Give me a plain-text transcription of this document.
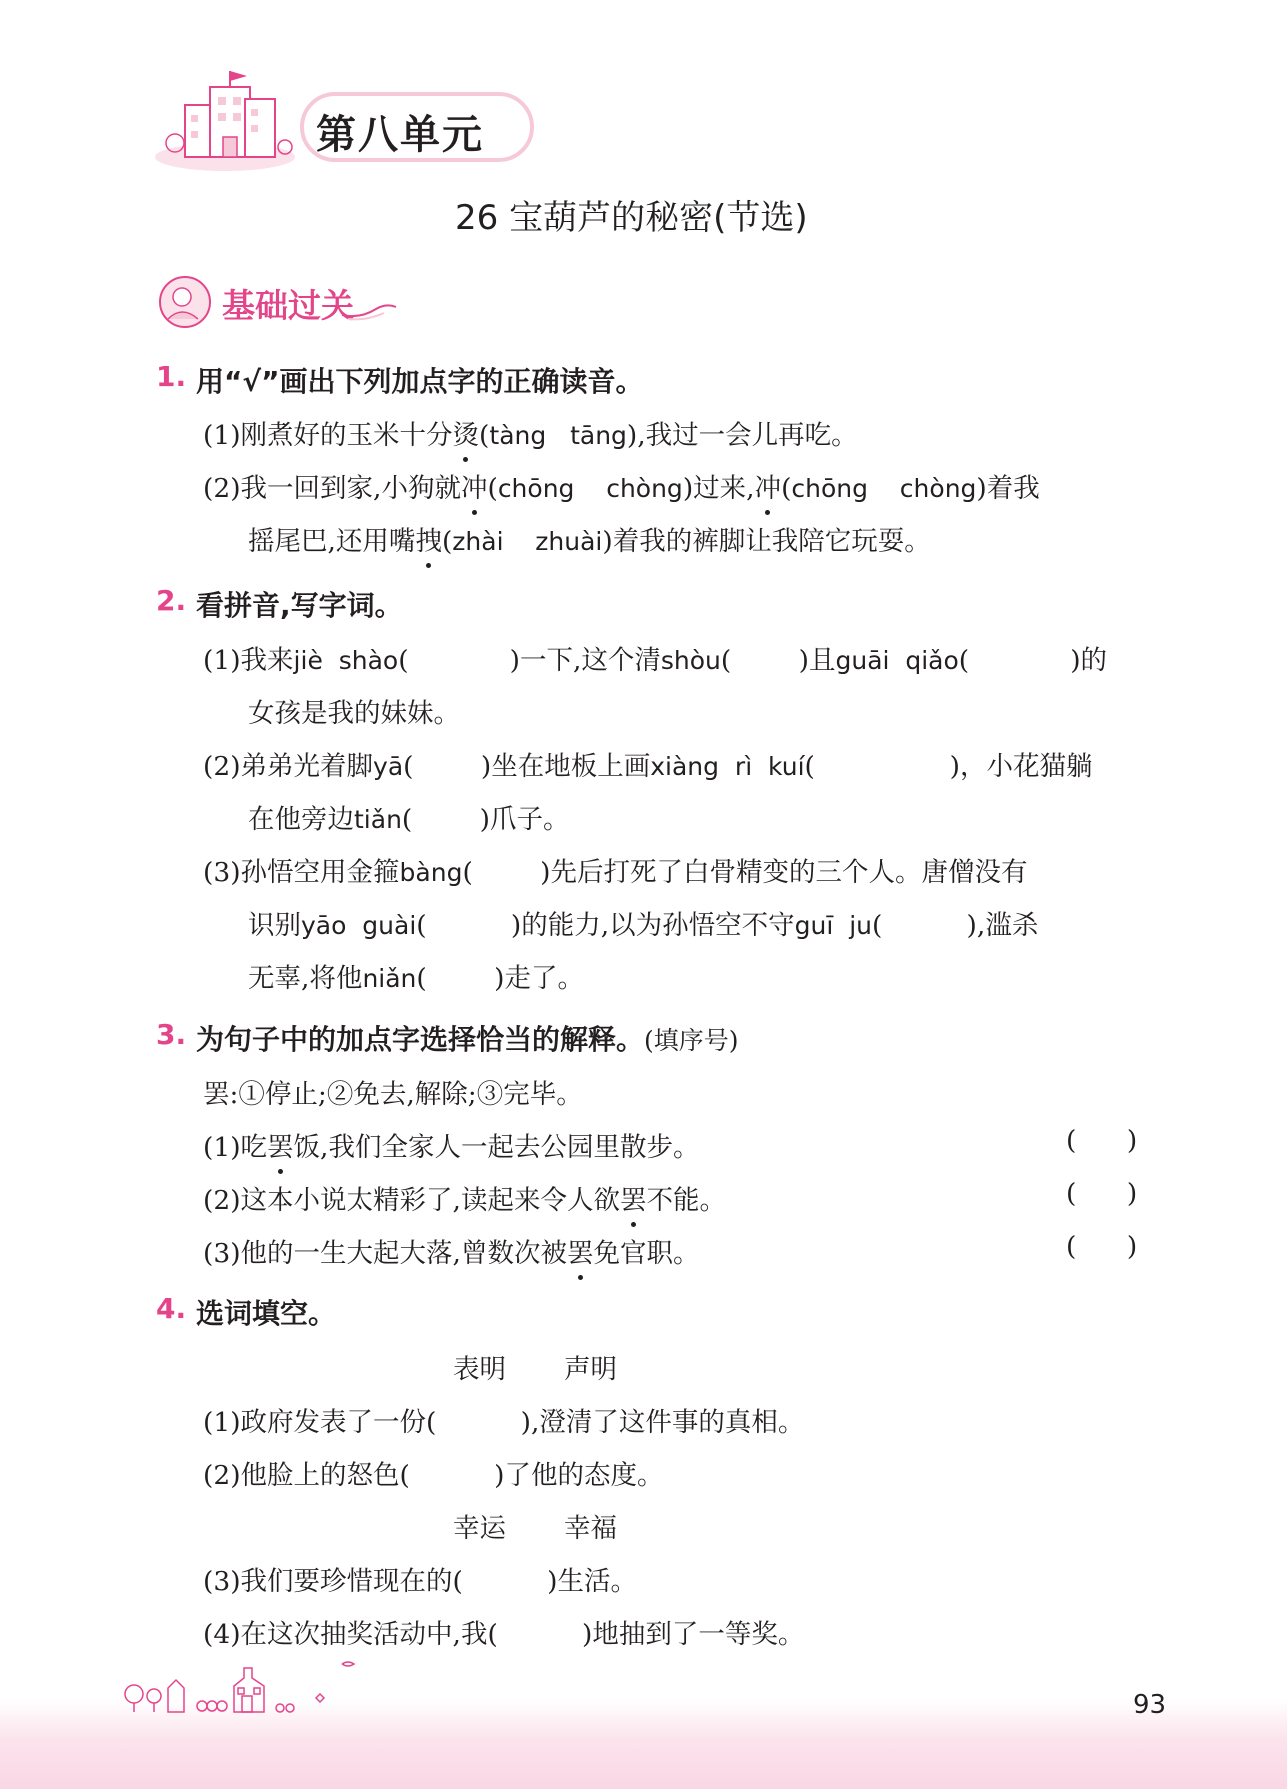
第八单元
26 宝葫芦的秘密(节选)
基础过关
1. 用“√”画出下列加点字的正确读音。
(1)刚煮好的玉米十分烫(tàng   tāng),我过一会儿再吃。
(2)我一回到家,小狗就冲(chōng    chòng)过来,冲(chōng    chòng)着我
摇尾巴,还用嘴拽(zhài    zhuài)着我的裤脚让我陪它玩耍。
2. 看拼音,写字词。
(1)我来jiè  shào(            )一下,这个清shòu(        )且guāi  qiǎo(            )的
女孩是我的妹妹。
(2)弟弟光着脚yā(        )坐在地板上画xiàng  rì  kuí(                )，小花猫躺
在他旁边tiǎn(        )爪子。
(3)孙悟空用金箍bàng(        )先后打死了白骨精变的三个人。唐僧没有
识别yāo  guài(          )的能力,以为孙悟空不守guī  ju(          ),滥杀
无辜,将他niǎn(        )走了。
3. 为句子中的加点字选择恰当的解释。(填序号)
罢:①停止;②免去,解除;③完毕。
(1)吃罢饭,我们全家人一起去公园里散步。	(      )
(2)这本小说太精彩了,读起来令人欲罢不能。	(      )
(3)他的一生大起大落,曾数次被罢免官职。	(      )
4. 选词填空。
表明 声明
(1)政府发表了一份(          ),澄清了这件事的真相。
(2)他脸上的怒色(          )了他的态度。
幸运 幸福
(3)我们要珍惜现在的(          )生活。
(4)在这次抽奖活动中,我(          )地抽到了一等奖。
93
